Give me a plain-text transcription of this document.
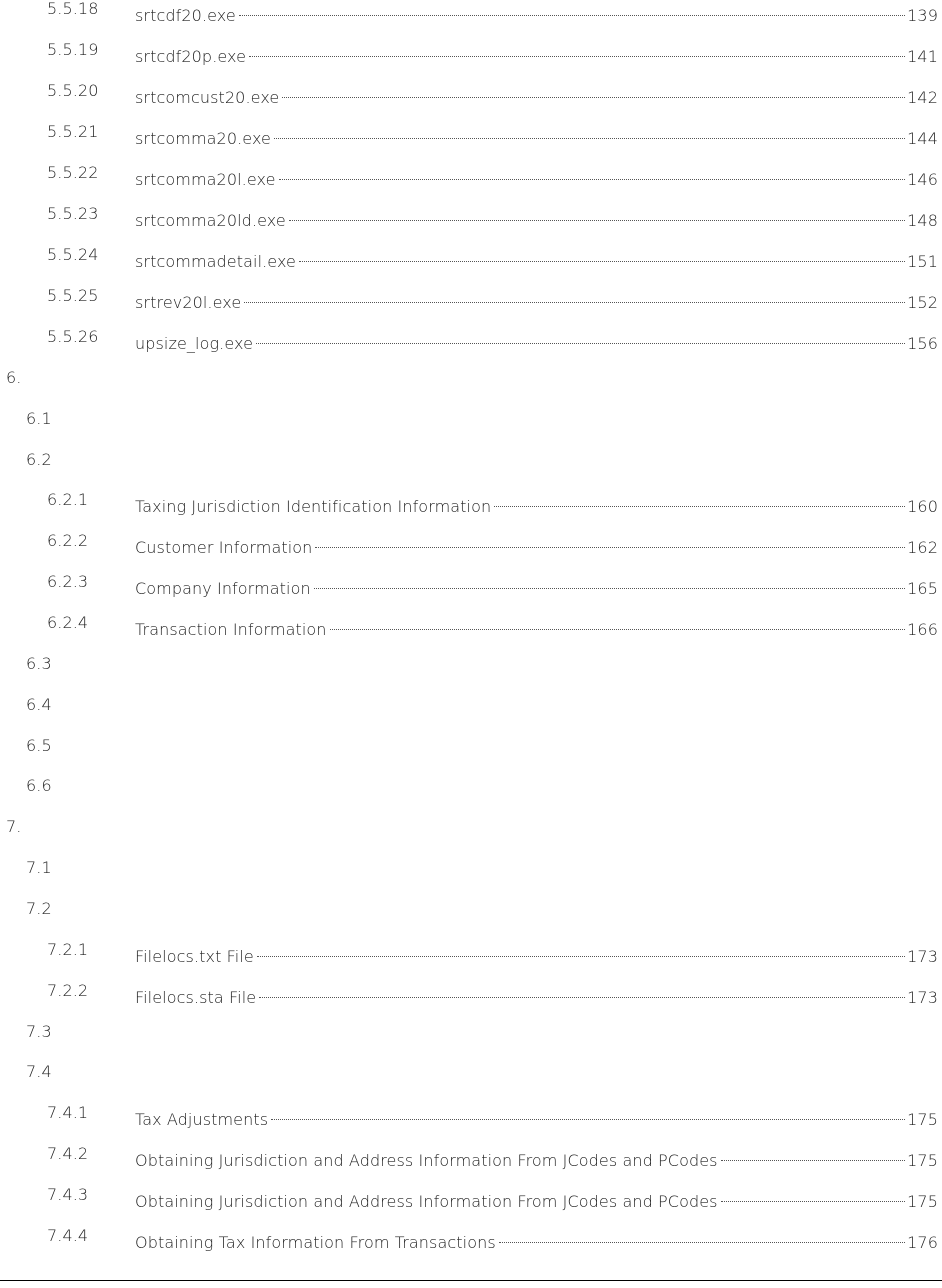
5.5.18 srtcdf20.exe	139
5.5.19 srtcdf20p.exe	141
5.5.20 srtcomcust20.exe	142
5.5.21 srtcomma20.exe	144
5.5.22 srtcomma20l.exe	146
5.5.23 srtcomma20ld.exe	148
5.5.24 srtcommadetail.exe	151
5.5.25 srtrev20l.exe	152
5.5.26 upsize_log.exe	156
6.
6.1
6.2
6.2.1	Taxing Jurisdiction Identification Information	160
6.2.2	Customer Information	162
6.2.3	Company Information	165
6.2.4	Transaction Information	166
6.3
6.4
6.5
6.6
7.
7.1
7.2
7.2.1	Filelocs.txt File	173
7.2.2	Filelocs.sta File	173
7.3
7.4
7.4.1	Tax Adjustments	175
7.4.2	Obtaining Jurisdiction and Address Information From JCodes and PCodes	175
7.4.3	Obtaining Jurisdiction and Address Information From JCodes and PCodes	175
7.4.4	Obtaining Tax Information From Transactions	176
